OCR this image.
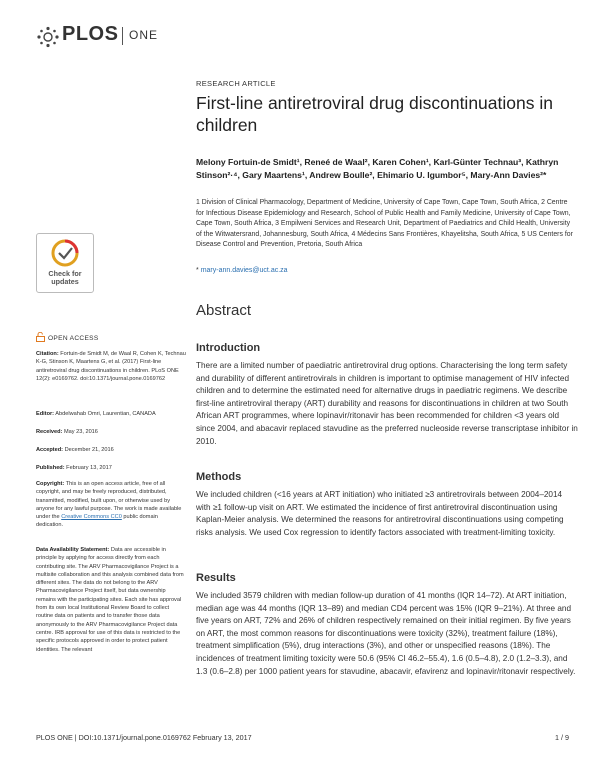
PLOS ONE
RESEARCH ARTICLE
First-line antiretroviral drug discontinuations in children
Melony Fortuin-de Smidt¹, Reneé de Waal², Karen Cohen¹, Karl-Günter Technau³, Kathryn Stinson²·⁴, Gary Maartens¹, Andrew Boulle², Ehimario U. Igumbor⁵, Mary-Ann Davies²*
1 Division of Clinical Pharmacology, Department of Medicine, University of Cape Town, Cape Town, South Africa, 2 Centre for Infectious Disease Epidemiology and Research, School of Public Health and Family Medicine, University of Cape Town, Cape Town, South Africa, 3 Empilweni Services and Research Unit, Department of Paediatrics and Child Health, University of the Witwatersrand, Johannesburg, South Africa, 4 Médecins Sans Frontières, Khayelitsha, South Africa, 5 US Centers for Disease Control and Prevention, Pretoria, South Africa
* mary-ann.davies@uct.ac.za
Check for
updates
OPEN ACCESS
Citation: Fortuin-de Smidt M, de Waal R, Cohen K, Technau K-G, Stinson K, Maartens G, et al. (2017) First-line antiretroviral drug discontinuations in children. PLoS ONE 12(2): e0169762. doi:10.1371/journal.pone.0169762
Editor: Abdelwahab Omri, Laurentian, CANADA
Received: May 23, 2016
Accepted: December 21, 2016
Published: February 13, 2017
Copyright: This is an open access article, free of all copyright, and may be freely reproduced, distributed, transmitted, modified, built upon, or otherwise used by anyone for any lawful purpose. The work is made available under the Creative Commons CC0 public domain dedication.
Data Availability Statement: Data are accessible in principle by applying for access directly from each contributing site. The ARV Pharmacovigilance Project is a multisite collaboration and this analysis combined data from different sites. The data do not belong to the ARV Pharmacovigilance Project itself, but data ownership remains with the participating sites. Each site has approval from its own local Institutional Review Board to collect routine data on patients and to transfer those data anonymously to the ARV Pharmacovigilance Project data centre. IRB approval for use of this data is restricted to the specific protocols approved in order to protect patient identities. The relevant
Abstract
Introduction
There are a limited number of paediatric antiretroviral drug options. Characterising the long term safety and durability of different antiretrovirals in children is important to optimise management of HIV infected children and to determine the estimated need for alternative drugs in paediatric regimens. We describe first-line antiretroviral therapy (ART) durability and reasons for discontinuations in children at two South African ART programmes, where lopinavir/ritonavir has been recommended for children <3 years old since 2004, and abacavir replaced stavudine as the preferred nucleoside reverse transcriptase inhibitor in 2010.
Methods
We included children (<16 years at ART initiation) who initiated ≥3 antiretrovirals between 2004–2014 with ≥1 follow-up visit on ART. We estimated the incidence of first antiretroviral discontinuation using Kaplan-Meier analysis. We determined the reasons for antiretroviral discontinuations using competing risks analysis. We used Cox regression to identify factors associated with treatment-limiting toxicity.
Results
We included 3579 children with median follow-up duration of 41 months (IQR 14–72). At ART initiation, median age was 44 months (IQR 13–89) and median CD4 percent was 15% (IQR 9–21%). At three and five years on ART, 72% and 26% of children respectively remained on their initial regimen. By five years on ART, the most common reasons for discontinuations were toxicity (32%), treatment failure (18%), treatment simplification (5%), drug interactions (3%), and other or unspecified reasons (18%). The incidences of treatment limiting toxicity were 50.6 (95% CI 46.2–55.4), 1.6 (0.5–4.8), 2.0 (1.2–3.3), and 1.3 (0.6–2.8) per 1000 patient years for stavudine, abacavir, efavirenz and lopinavir/ritonavir respectively.
PLOS ONE | DOI:10.1371/journal.pone.0169762 February 13, 2017	1 / 9
